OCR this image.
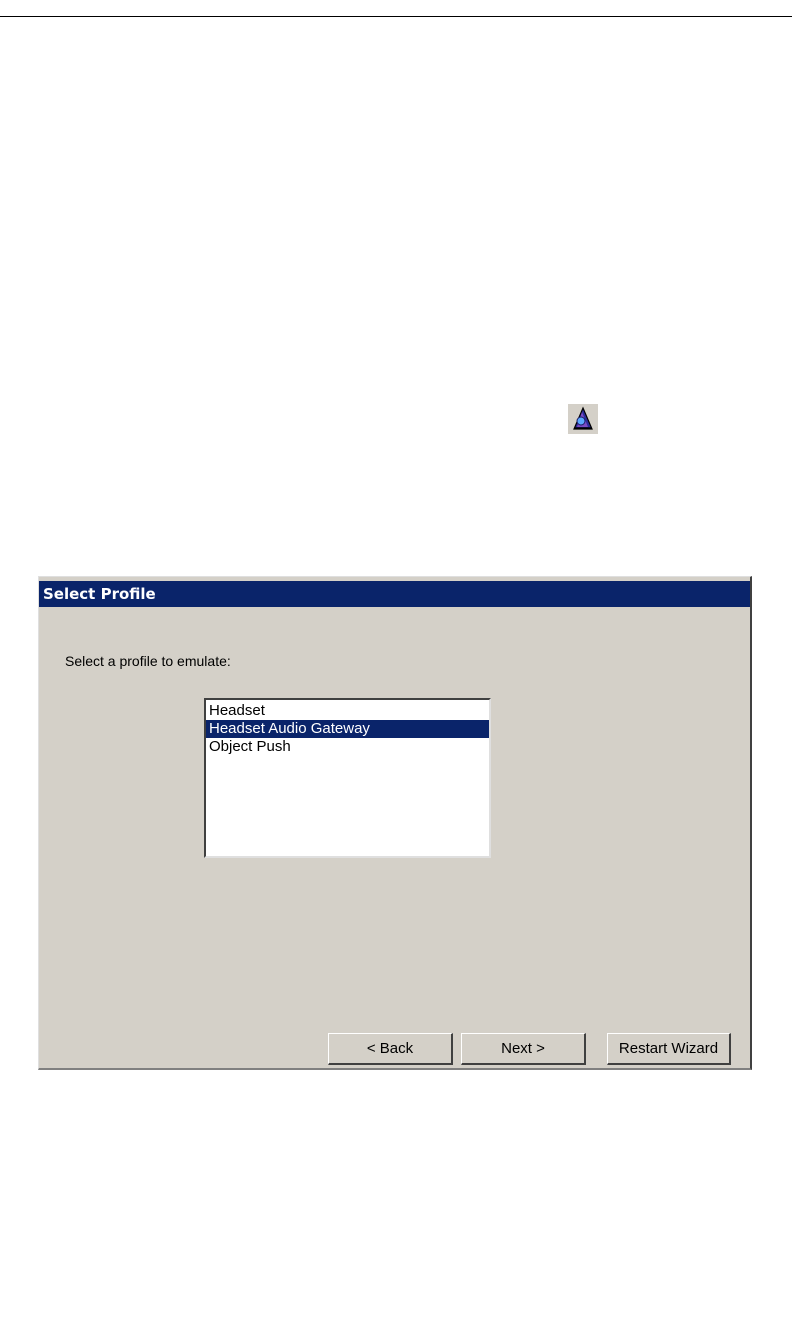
Select Profile
Select a profile to emulate:
Headset
Headset Audio Gateway
Object Push
< Back	Next >	Restart Wizard
